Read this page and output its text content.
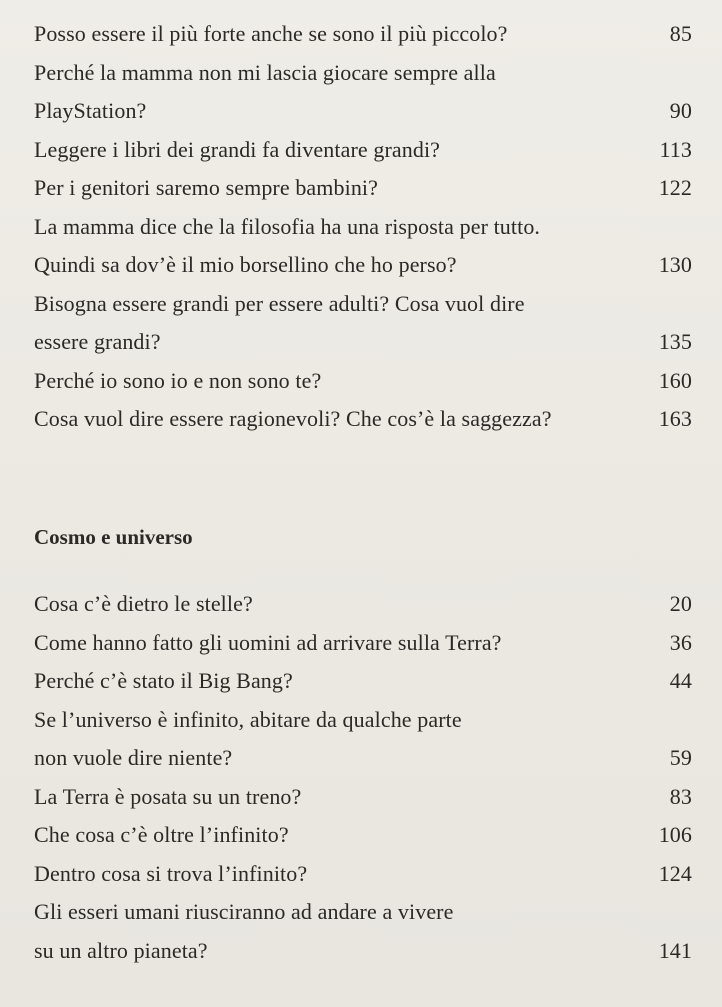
Posso essere il più forte anche se sono il più piccolo?	85
Perché la mamma non mi lascia giocare sempre alla
PlayStation?	90
Leggere i libri dei grandi fa diventare grandi?	113
Per i genitori saremo sempre bambini?	122
La mamma dice che la filosofia ha una risposta per tutto.
Quindi sa dov’è il mio borsellino che ho perso?	130
Bisogna essere grandi per essere adulti? Cosa vuol dire
essere grandi?	135
Perché io sono io e non sono te?	160
Cosa vuol dire essere ragionevoli? Che cos’è la saggezza?	163
Cosmo e universo
Cosa c’è dietro le stelle?	20
Come hanno fatto gli uomini ad arrivare sulla Terra?	36
Perché c’è stato il Big Bang?	44
Se l’universo è infinito, abitare da qualche parte
non vuole dire niente?	59
La Terra è posata su un treno?	83
Che cosa c’è oltre l’infinito?	106
Dentro cosa si trova l’infinito?	124
Gli esseri umani riusciranno ad andare a vivere
su un altro pianeta?	141
